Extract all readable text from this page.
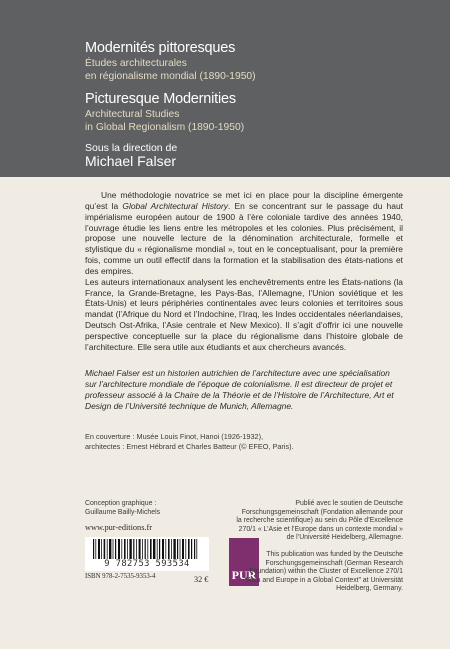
Modernités pittoresques
Études architecturales
en régionalisme mondial (1890-1950)
Picturesque Modernities
Architectural Studies
in Global Regionalism (1890-1950)
Sous la direction de
Michael Falser

Une méthodologie novatrice se met ici en place pour la discipline émergente qu’est la Global Architectural History. En se concentrant sur le passage du haut impérialisme européen autour de 1900 à l’ère coloniale tardive des années 1940, l’ouvrage étudie les liens entre les métropoles et les colonies. Plus précisément, il propose une nouvelle lecture de la dénomination architecturale, formelle et stylistique du « régionalisme mondial », tout en le conceptualisant, pour la première fois, comme un outil effectif dans la formation et la stabilisation des états-nations et des empires.

Les auteurs internationaux analysent les enchevêtrements entre les États-nations (la France, la Grande-Bretagne, les Pays-Bas, l’Allemagne, l’Union soviétique et les États-Unis) et leurs périphéries continentales avec leurs colonies et territoires sous mandat (l’Afrique du Nord et l’Indochine, l’Iraq, les Indes occidentales néerlandaises, Deutsch Ost-Afrika, l’Asie centrale et New Mexico). Il s’agit d’offrir ici une nouvelle perspective conceptuelle sur la place du régionalisme dans l’histoire globale de l’architecture. Elle sera utile aux étudiants et aux chercheurs avancés.

Michael Falser est un historien autrichien de l’architecture avec une spécialisation sur l’architecture mondiale de l’époque de colonialisme. Il est directeur de projet et professeur associé à la Chaire de la Théorie et de l’Histoire de l’Architecture, Art et Design de l’Université technique de Munich, Allemagne.
En couverture : Musée Louis Finot, Hanoi (1926-1932),
architectes : Ernest Hébrard et Charles Batteur (© EFEO, Paris).
Conception graphique :
Guillaume Bailly-Michels
www.pur-editions.fr
9 782753 593534
ISBN 978-2-7535-9353-4	32 € PUR

Publié avec le soutien de Deutsche Forschungsgemeinschaft (Fondation allemande pour la recherche scientifique) au sein du Pôle d’Excellence 270/1 « L’Asie et l’Europe dans un contexte mondial » de l’Université Heidelberg, Allemagne.

This publication was funded by the Deutsche Forschungsgemeinschaft (German Research Foundation) within the Cluster of Excellence 270/1 “Asia and Europe in a Global Context” at Universität Heidelberg, Germany.
